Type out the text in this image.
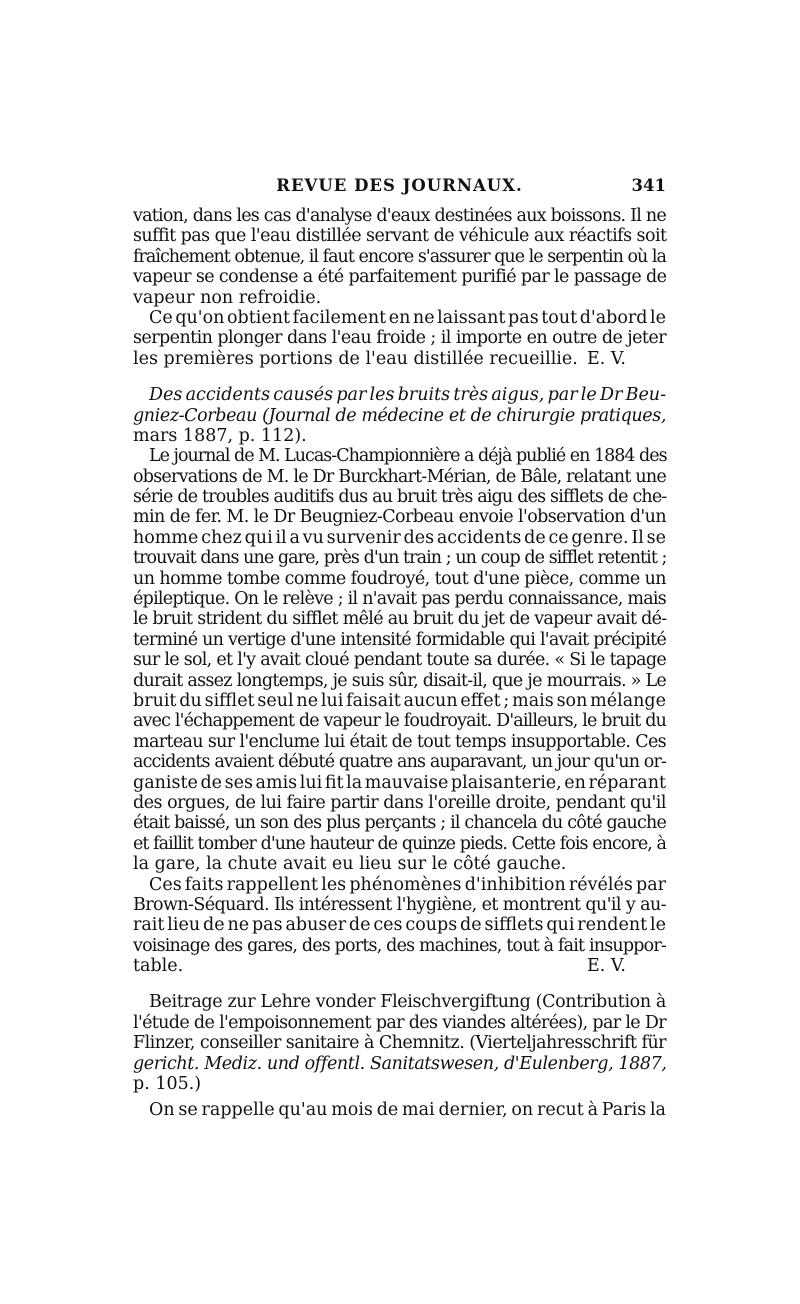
REVUE DES JOURNAUX.	341
vation, dans les cas d'analyse d'eaux destinées aux boissons. Il ne
suffit pas que l'eau distillée servant de véhicule aux réactifs soit
fraîchement obtenue, il faut encore s'assurer que le serpentin où la
vapeur se condense a été parfaitement purifié par le passage de
vapeur non refroidie.
Ce qu'on obtient facilement en ne laissant pas tout d'abord le
serpentin plonger dans l'eau froide ; il importe en outre de jeter
les premières portions de l'eau distillée recueillie. E. V.
Des accidents causés par les bruits très aigus, par le Dr Beu-
gniez-Corbeau (Journal de médecine et de chirurgie pratiques,
mars 1887, p. 112).
Le journal de M. Lucas-Championnière a déjà publié en 1884 des
observations de M. le Dr Burckhart-Mérian, de Bâle, relatant une
série de troubles auditifs dus au bruit très aigu des sifflets de che-
min de fer. M. le Dr Beugniez-Corbeau envoie l'observation d'un
homme chez qui il a vu survenir des accidents de ce genre. Il se
trouvait dans une gare, près d'un train ; un coup de sifflet retentit ;
un homme tombe comme foudroyé, tout d'une pièce, comme un
épileptique. On le relève ; il n'avait pas perdu connaissance, mais
le bruit strident du sifflet mêlé au bruit du jet de vapeur avait dé-
terminé un vertige d'une intensité formidable qui l'avait précipité
sur le sol, et l'y avait cloué pendant toute sa durée. « Si le tapage
durait assez longtemps, je suis sûr, disait-il, que je mourrais. » Le
bruit du sifflet seul ne lui faisait aucun effet ; mais son mélange
avec l'échappement de vapeur le foudroyait. D'ailleurs, le bruit du
marteau sur l'enclume lui était de tout temps insupportable. Ces
accidents avaient débuté quatre ans auparavant, un jour qu'un or-
ganiste de ses amis lui fit la mauvaise plaisanterie, en réparant
des orgues, de lui faire partir dans l'oreille droite, pendant qu'il
était baissé, un son des plus perçants ; il chancela du côté gauche
et faillit tomber d'une hauteur de quinze pieds. Cette fois encore, à
la gare, la chute avait eu lieu sur le côté gauche.
Ces faits rappellent les phénomènes d'inhibition révélés par
Brown-Séquard. Ils intéressent l'hygiène, et montrent qu'il y au-
rait lieu de ne pas abuser de ces coups de sifflets qui rendent le
voisinage des gares, des ports, des machines, tout à fait insuppor-
table.	E. V.
Beitrage zur Lehre vonder Fleischvergiftung (Contribution à
l'étude de l'empoisonnement par des viandes altérées), par le Dr
Flinzer, conseiller sanitaire à Chemnitz. (Vierteljahresschrift für
gericht. Mediz. und offentl. Sanitatswesen, d'Eulenberg, 1887,
p. 105.)
On se rappelle qu'au mois de mai dernier, on recut à Paris la
